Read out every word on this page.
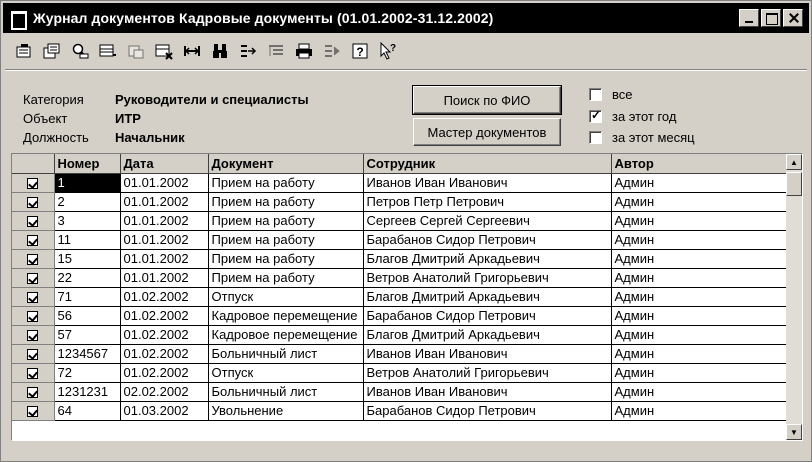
Журнал документов Кадровые документы (01.01.2002-31.12.2002)
?	?
Категория	Руководители и специалисты
Объект	ИТР
Должность	Начальник
Поиск по ФИО
Мастер документов
все
✓
за этот год
за этот месяц
	Номер	Дата	Документ	Сотрудник	Автор
	1	01.01.2002	Прием на работу	Иванов Иван Иванович	Админ
	2	01.01.2002	Прием на работу	Петров Петр Петрович	Админ
	3	01.01.2002	Прием на работу	Сергеев Сергей Сергеевич	Админ
	11	01.01.2002	Прием на работу	Барабанов Сидор Петрович	Админ
	15	01.01.2002	Прием на работу	Благов Дмитрий Аркадьевич	Админ
	22	01.01.2002	Прием на работу	Ветров Анатолий Григорьевич	Админ
	71	01.02.2002	Отпуск	Благов Дмитрий Аркадьевич	Админ
	56	01.02.2002	Кадровое перемещение	Барабанов Сидор Петрович	Админ
	57	01.02.2002	Кадровое перемещение	Благов Дмитрий Аркадьевич	Админ
	1234567	01.02.2002	Больничный лист	Иванов Иван Иванович	Админ
	72	01.02.2002	Отпуск	Ветров Анатолий Григорьевич	Админ
	1231231	02.02.2002	Больничный лист	Иванов Иван Иванович	Админ
	64	01.03.2002	Увольнение	Барабанов Сидор Петрович	Админ
▲
▼
